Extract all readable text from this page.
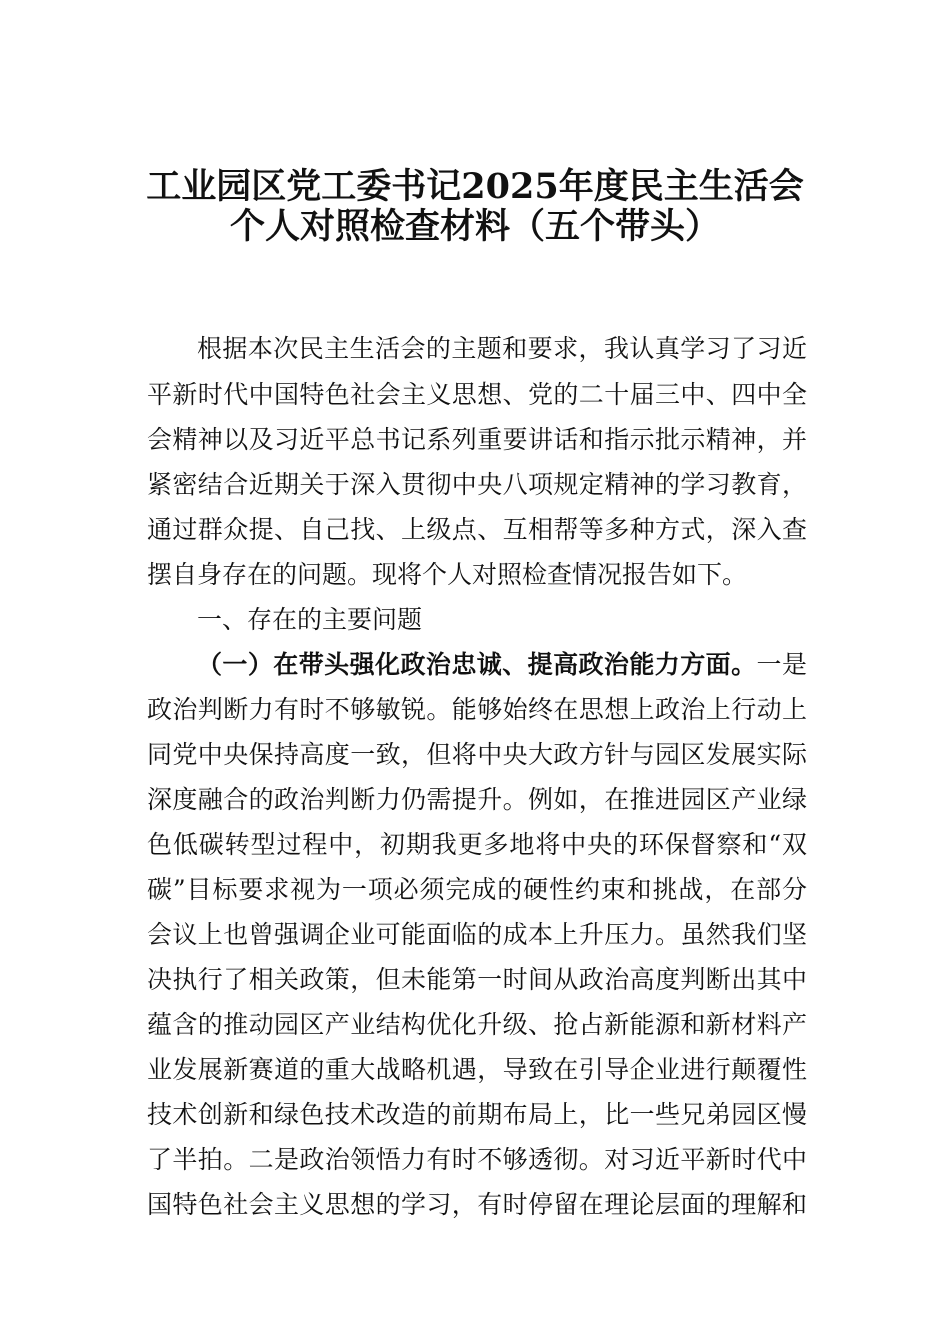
工业园区党工委书记2025年度民主生活会
个人对照检查材料（五个带头）
根据本次民主生活会的主题和要求，我认真学习了习近
平新时代中国特色社会主义思想、党的二十届三中、四中全
会精神以及习近平总书记系列重要讲话和指示批示精神，并
紧密结合近期关于深入贯彻中央八项规定精神的学习教育，
通过群众提、自己找、上级点、互相帮等多种方式，深入查
摆自身存在的问题。现将个人对照检查情况报告如下。
一、存在的主要问题
（一）在带头强化政治忠诚、提高政治能力方面。一是
政治判断力有时不够敏锐。能够始终在思想上政治上行动上
同党中央保持高度一致，但将中央大政方针与园区发展实际
深度融合的政治判断力仍需提升。例如，在推进园区产业绿
色低碳转型过程中，初期我更多地将中央的环保督察和“双
碳”目标要求视为一项必须完成的硬性约束和挑战，在部分
会议上也曾强调企业可能面临的成本上升压力。虽然我们坚
决执行了相关政策，但未能第一时间从政治高度判断出其中
蕴含的推动园区产业结构优化升级、抢占新能源和新材料产
业发展新赛道的重大战略机遇，导致在引导企业进行颠覆性
技术创新和绿色技术改造的前期布局上，比一些兄弟园区慢
了半拍。二是政治领悟力有时不够透彻。对习近平新时代中
国特色社会主义思想的学习，有时停留在理论层面的理解和
